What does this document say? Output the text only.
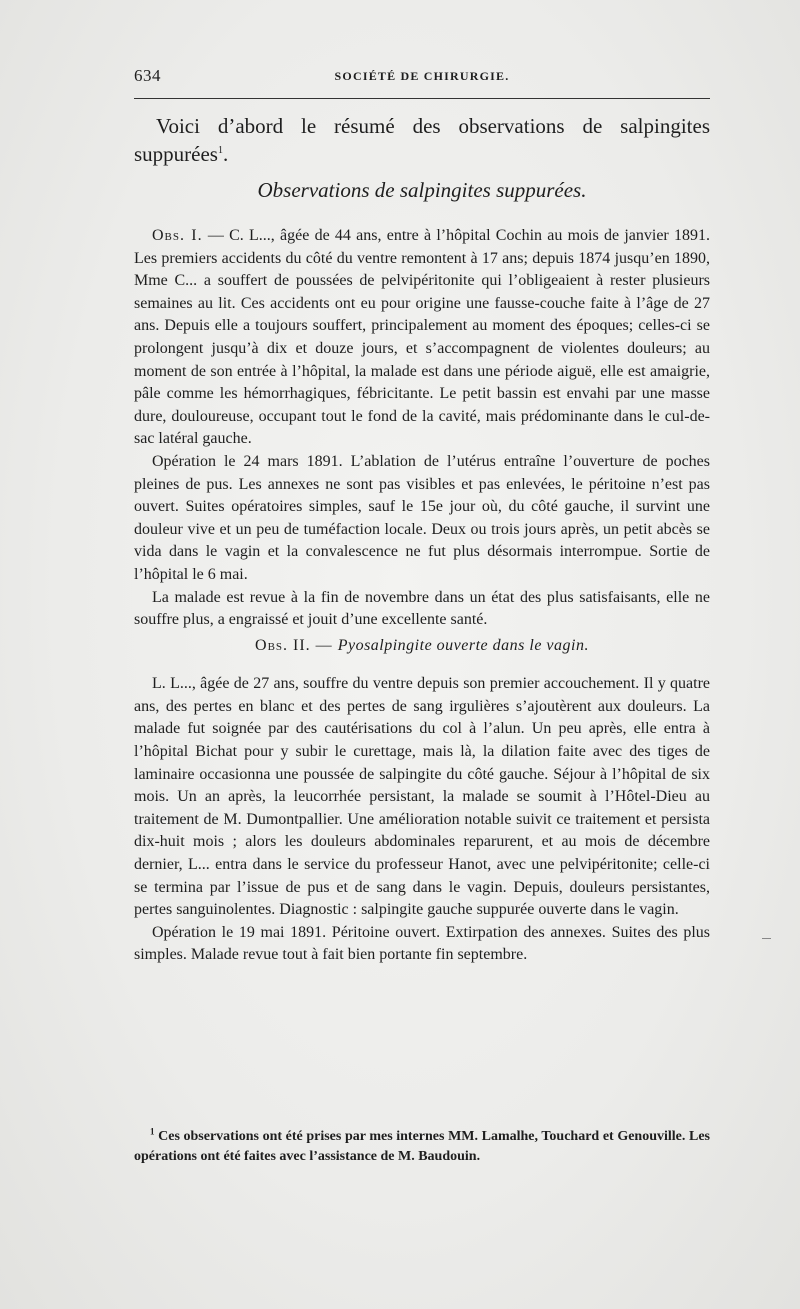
634	SOCIÉTÉ DE CHIRURGIE.

Voici d’abord le résumé des observations de salpingites suppurées$^1$.

Observations de salpingites suppurées.

Obs. I. — C. L..., âgée de 44 ans, entre à l’hôpital Cochin au mois de janvier 1891. Les premiers accidents du côté du ventre remontent à 17 ans; depuis 1874 jusqu’en 1890, Mme C... a souffert de poussées de pelvipéritonite qui l’obligeaient à rester plusieurs semaines au lit. Ces accidents ont eu pour origine une fausse-couche faite à l’âge de 27 ans. Depuis elle a toujours souffert, principalement au moment des époques; celles-ci se prolongent jusqu’à dix et douze jours, et s’accompagnent de violentes douleurs; au moment de son entrée à l’hôpital, la malade est dans une période aiguë, elle est amaigrie, pâle comme les hémorrhagiques, fébricitante. Le petit bassin est envahi par une masse dure, douloureuse, occupant tout le fond de la cavité, mais prédominante dans le cul-de-sac latéral gauche.

Opération le 24 mars 1891. L’ablation de l’utérus entraîne l’ouverture de poches pleines de pus. Les annexes ne sont pas visibles et pas enlevées, le péritoine n’est pas ouvert. Suites opératoires simples, sauf le 15e jour où, du côté gauche, il survint une douleur vive et un peu de tuméfaction locale. Deux ou trois jours après, un petit abcès se vida dans le vagin et la convalescence ne fut plus désormais interrompue. Sortie de l’hôpital le 6 mai.

La malade est revue à la fin de novembre dans un état des plus satisfaisants, elle ne souffre plus, a engraissé et jouit d’une excellente santé.

Obs. II. — Pyosalpingite ouverte dans le vagin.

L. L..., âgée de 27 ans, souffre du ventre depuis son premier accouchement. Il y quatre ans, des pertes en blanc et des pertes de sang irgulières s’ajoutèrent aux douleurs. La malade fut soignée par des cautérisations du col à l’alun. Un peu après, elle entra à l’hôpital Bichat pour y subir le curettage, mais là, la dilation faite avec des tiges de laminaire occasionna une poussée de salpingite du côté gauche. Séjour à l’hôpital de six mois. Un an après, la leucorrhée persistant, la malade se soumit à l’Hôtel-Dieu au traitement de M. Dumontpallier. Une amélioration notable suivit ce traitement et persista dix-huit mois ; alors les douleurs abdominales reparurent, et au mois de décembre dernier, L... entra dans le service du professeur Hanot, avec une pelvipéritonite; celle-ci se termina par l’issue de pus et de sang dans le vagin. Depuis, douleurs persistantes, pertes sanguinolentes. Diagnostic : salpingite gauche suppurée ouverte dans le vagin.

Opération le 19 mai 1891. Péritoine ouvert. Extirpation des annexes. Suites des plus simples. Malade revue tout à fait bien portante fin septembre.

$^1$ Ces observations ont été prises par mes internes MM. Lamalhe, Touchard et Genouville. Les opérations ont été faites avec l’assistance de M. Baudouin.
